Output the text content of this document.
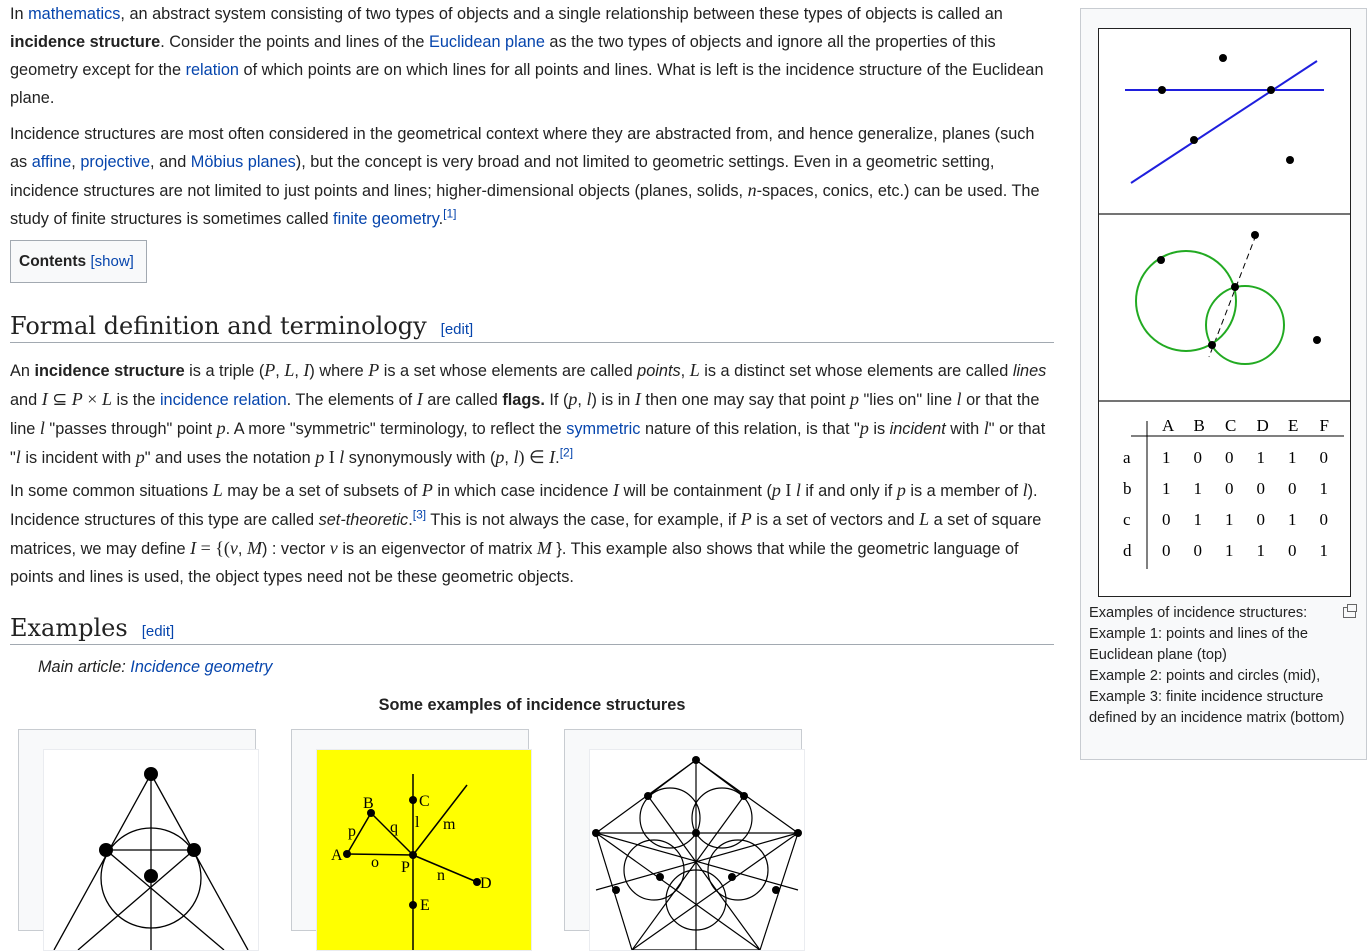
In mathematics, an abstract system consisting of two types of objects and a single relationship between these types of objects is called an incidence structure. Consider the points and lines of the Euclidean plane as the two types of objects and ignore all the properties of this geometry except for the relation of which points are on which lines for all points and lines. What is left is the incidence structure of the Euclidean plane.

Incidence structures are most often considered in the geometrical context where they are abstracted from, and hence generalize, planes (such as affine, projective, and Möbius planes), but the concept is very broad and not limited to geometric settings. Even in a geometric setting, incidence structures are not limited to just points and lines; higher-dimensional objects (planes, solids, n-spaces, conics, etc.) can be used. The study of finite structures is sometimes called finite geometry.[1]

Contents [show]
Formal definition and terminology [edit]

An incidence structure is a triple (P, L, I) where P is a set whose elements are called points, L is a distinct set whose elements are called lines and I ⊆ P × L is the incidence relation. The elements of I are called flags. If (p, l) is in I then one may say that point p "lies on" line l or that the line l "passes through" point p. A more "symmetric" terminology, to reflect the symmetric nature of this relation, is that "p is incident with l" or that "l is incident with p" and uses the notation p I l synonymously with (p, l) ∈ I.[2]

In some common situations L may be a set of subsets of P in which case incidence I will be containment (p I l if and only if p is a member of l). Incidence structures of this type are called set-theoretic.[3] This is not always the case, for example, if P is a set of vectors and L a set of square matrices, we may define I = {(v, M) : vector v is an eigenvector of matrix M }. This example also shows that while the geometric language of points and lines is used, the object types need not be these geometric objects.

Examples [edit]
Main article: Incidence geometry
Some examples of incidence structures
B	C
p q l m
A o P n D
E
A B C D E F
a 1 0 0 1 1 0
b 1 1 0 0 0 1
c 0 1 1 0 1 0
d 0 0 1 1 0 1
Examples of incidence structures:
Example 1: points and lines of the Euclidean plane (top)
Example 2: points and circles (mid),
Example 3: finite incidence structure defined by an incidence matrix (bottom)
